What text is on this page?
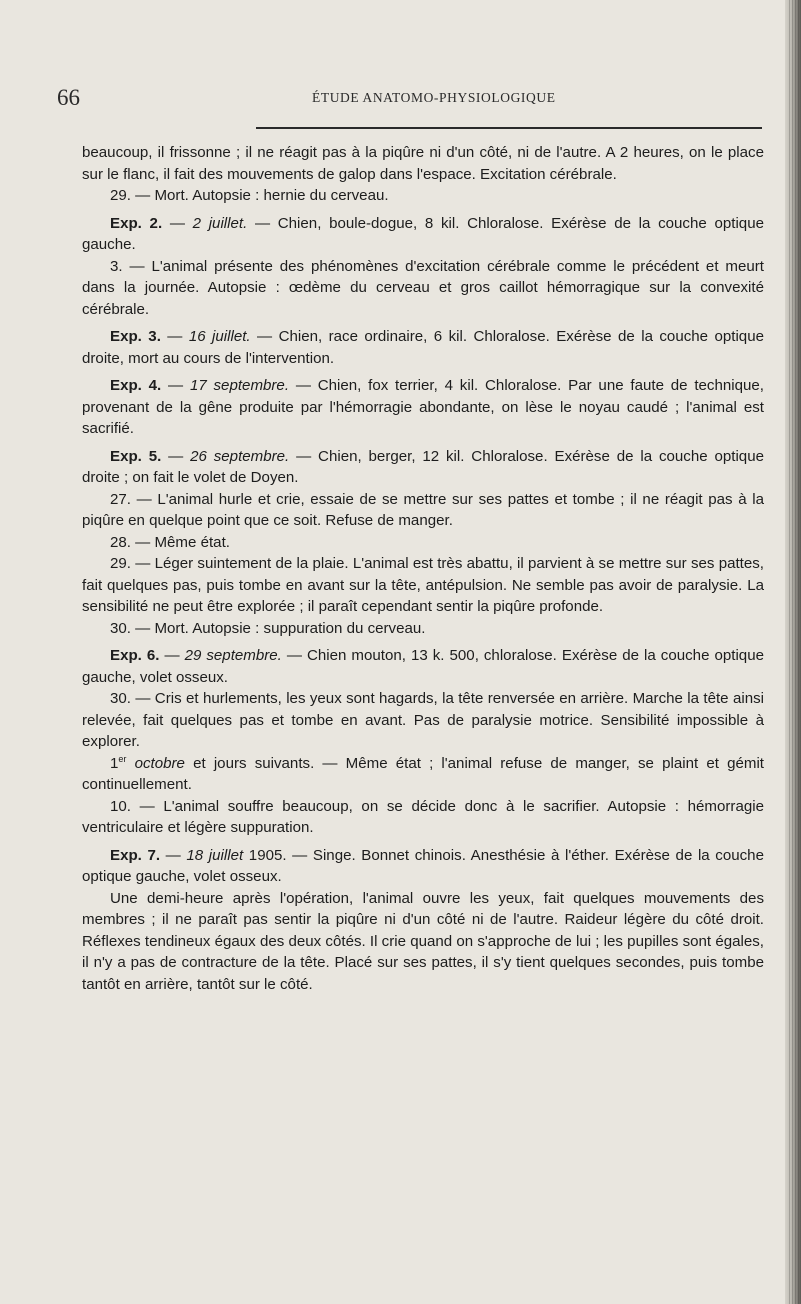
66	ÉTUDE ANATOMO-PHYSIOLOGIQUE

beaucoup, il frissonne ; il ne réagit pas à la piqûre ni d'un côté, ni de l'autre. A 2 heures, on le place sur le flanc, il fait des mouvements de galop dans l'espace. Excitation cérébrale.

29. — Mort. Autopsie : hernie du cerveau.

Exp. 2. — 2 juillet. — Chien, boule-dogue, 8 kil. Chloralose. Exérèse de la couche optique gauche.

3. — L'animal présente des phénomènes d'excitation cérébrale comme le précédent et meurt dans la journée. Autopsie : œdème du cerveau et gros caillot hémorragique sur la convexité cérébrale.

Exp. 3. — 16 juillet. — Chien, race ordinaire, 6 kil. Chloralose. Exérèse de la couche optique droite, mort au cours de l'intervention.

Exp. 4. — 17 septembre. — Chien, fox terrier, 4 kil. Chloralose. Par une faute de technique, provenant de la gêne produite par l'hémorragie abondante, on lèse le noyau caudé ; l'animal est sacrifié.

Exp. 5. — 26 septembre. — Chien, berger, 12 kil. Chloralose. Exérèse de la couche optique droite ; on fait le volet de Doyen.

27. — L'animal hurle et crie, essaie de se mettre sur ses pattes et tombe ; il ne réagit pas à la piqûre en quelque point que ce soit. Refuse de manger.

28. — Même état.

29. — Léger suintement de la plaie. L'animal est très abattu, il parvient à se mettre sur ses pattes, fait quelques pas, puis tombe en avant sur la tête, antépulsion. Ne semble pas avoir de paralysie. La sensibilité ne peut être explorée ; il paraît cependant sentir la piqûre profonde.

30. — Mort. Autopsie : suppuration du cerveau.

Exp. 6. — 29 septembre. — Chien mouton, 13 k. 500, chloralose. Exérèse de la couche optique gauche, volet osseux.

30. — Cris et hurlements, les yeux sont hagards, la tête renversée en arrière. Marche la tête ainsi relevée, fait quelques pas et tombe en avant. Pas de paralysie motrice. Sensibilité impossible à explorer.

1er octobre et jours suivants. — Même état ; l'animal refuse de manger, se plaint et gémit continuellement.

10. — L'animal souffre beaucoup, on se décide donc à le sacrifier. Autopsie : hémorragie ventriculaire et légère suppuration.

Exp. 7. — 18 juillet 1905. — Singe. Bonnet chinois. Anesthésie à l'éther. Exérèse de la couche optique gauche, volet osseux.

Une demi-heure après l'opération, l'animal ouvre les yeux, fait quelques mouvements des membres ; il ne paraît pas sentir la piqûre ni d'un côté ni de l'autre. Raideur légère du côté droit. Réflexes tendineux égaux des deux côtés. Il crie quand on s'approche de lui ; les pupilles sont égales, il n'y a pas de contracture de la tête. Placé sur ses pattes, il s'y tient quelques secondes, puis tombe tantôt en arrière, tantôt sur le côté.
